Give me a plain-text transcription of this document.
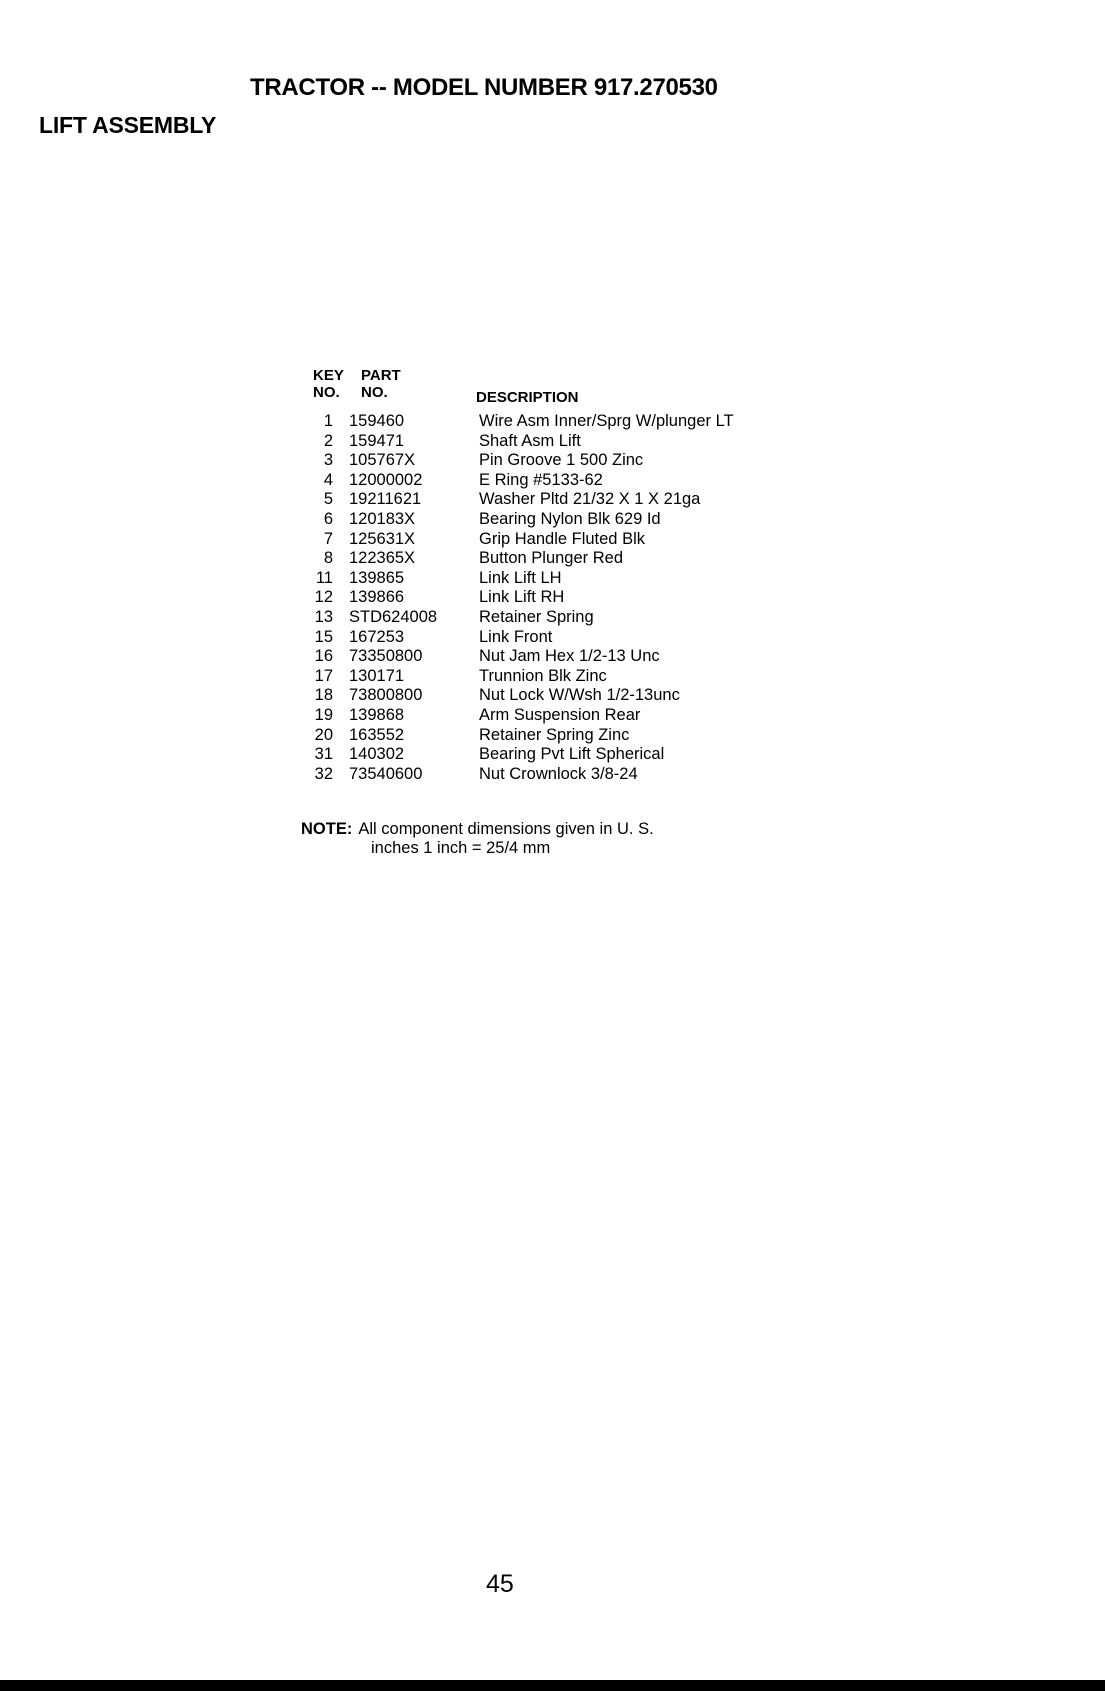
TRACTOR -- MODEL NUMBER 917.270530
LIFT ASSEMBLY
KEY PART
NO. NO.	DESCRIPTION
1 159460	Wire Asm Inner/Sprg W/plunger LT
2 159471	Shaft Asm Lift
3 105767X	Pin Groove 1 500 Zinc
4 12000002	E Ring #5133-62
5 19211621	Washer Pltd 21/32 X 1 X 21ga
6 120183X	Bearing Nylon Blk 629 Id
7 125631X	Grip Handle Fluted Blk
8 122365X	Button Plunger Red
11 139865	Link Lift LH
12 139866	Link Lift RH
13 STD624008	Retainer Spring
15 167253	Link Front
16 73350800	Nut Jam Hex 1/2-13 Unc
17 130171	Trunnion Blk Zinc
18 73800800	Nut Lock W/Wsh 1/2-13unc
19 139868	Arm Suspension Rear
20 163552	Retainer Spring Zinc
31 140302	Bearing Pvt Lift Spherical
32 73540600	Nut Crownlock 3/8-24
NOTE: All component dimensions given in U. S.
inches 1 inch = 25/4 mm
45
